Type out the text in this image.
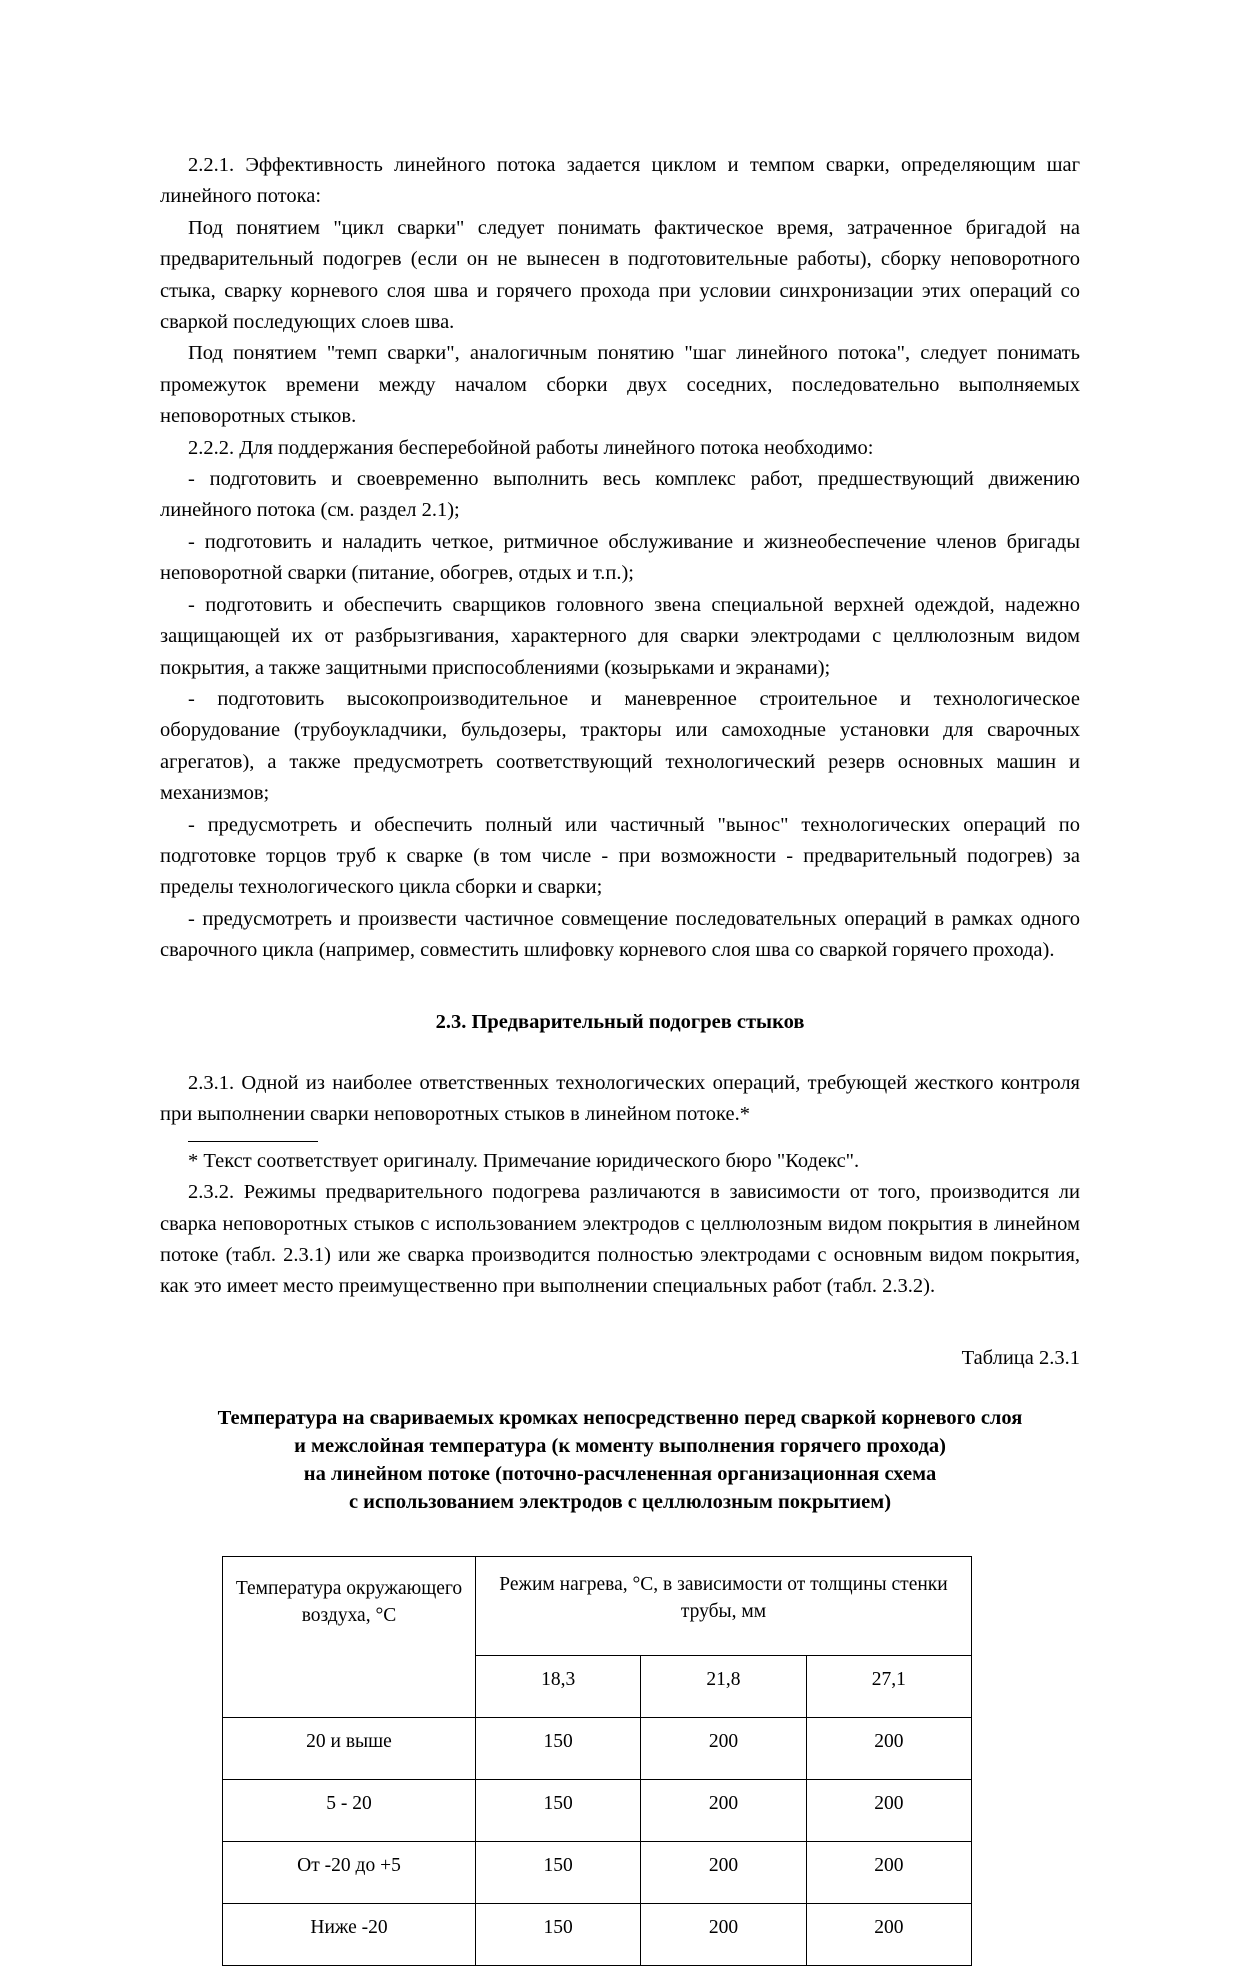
2.2.1. Эффективность линейного потока задается циклом и темпом сварки, определяющим шаг линейного потока:

Под понятием "цикл сварки" следует понимать фактическое время, затраченное бригадой на предварительный подогрев (если он не вынесен в подготовительные работы), сборку неповоротного стыка, сварку корневого слоя шва и горячего прохода при условии синхронизации этих операций со сваркой последующих слоев шва.

Под понятием "темп сварки", аналогичным понятию "шаг линейного потока", следует понимать промежуток времени между началом сборки двух соседних, последовательно выполняемых неповоротных стыков.

2.2.2. Для поддержания бесперебойной работы линейного потока необходимо:

- подготовить и своевременно выполнить весь комплекс работ, предшествующий движению линейного потока (см. раздел 2.1);

- подготовить и наладить четкое, ритмичное обслуживание и жизнеобеспечение членов бригады неповоротной сварки (питание, обогрев, отдых и т.п.);

- подготовить и обеспечить сварщиков головного звена специальной верхней одеждой, надежно защищающей их от разбрызгивания, характерного для сварки электродами с целлюлозным видом покрытия, а также защитными приспособлениями (козырьками и экранами);

- подготовить высокопроизводительное и маневренное строительное и технологическое оборудование (трубоукладчики, бульдозеры, тракторы или самоходные установки для сварочных агрегатов), а также предусмотреть соответствующий технологический резерв основных машин и механизмов;

- предусмотреть и обеспечить полный или частичный "вынос" технологических операций по подготовке торцов труб к сварке (в том числе - при возможности - предварительный подогрев) за пределы технологического цикла сборки и сварки;

- предусмотреть и произвести частичное совмещение последовательных операций в рамках одного сварочного цикла (например, совместить шлифовку корневого слоя шва со сваркой горячего прохода).

2.3. Предварительный подогрев стыков

2.3.1. Одной из наиболее ответственных технологических операций, требующей жесткого контроля при выполнении сварки неповоротных стыков в линейном потоке.*

* Текст соответствует оригиналу. Примечание юридического бюро "Кодекс".

2.3.2. Режимы предварительного подогрева различаются в зависимости от того, производится ли сварка неповоротных стыков с использованием электродов с целлюлозным видом покрытия в линейном потоке (табл. 2.3.1) или же сварка производится полностью электродами с основным видом покрытия, как это имеет место преимущественно при выполнении специальных работ (табл. 2.3.2).

Таблица 2.3.1

Температура на свариваемых кромках непосредственно перед сваркой корневого слоя
и межслойная температура (к моменту выполнения горячего прохода)
на линейном потоке (поточно-расчлененная организационная схема
с использованием электродов с целлюлозным покрытием)
Температура окружающего воздуха, °С	Режим нагрева, °С, в зависимости от толщины стенки трубы, мм		
	18,3	21,8	27,1
20 и выше	150	200	200
5 - 20	150	200	200
От -20 до +5	150	200	200
Ниже -20	150	200	200
